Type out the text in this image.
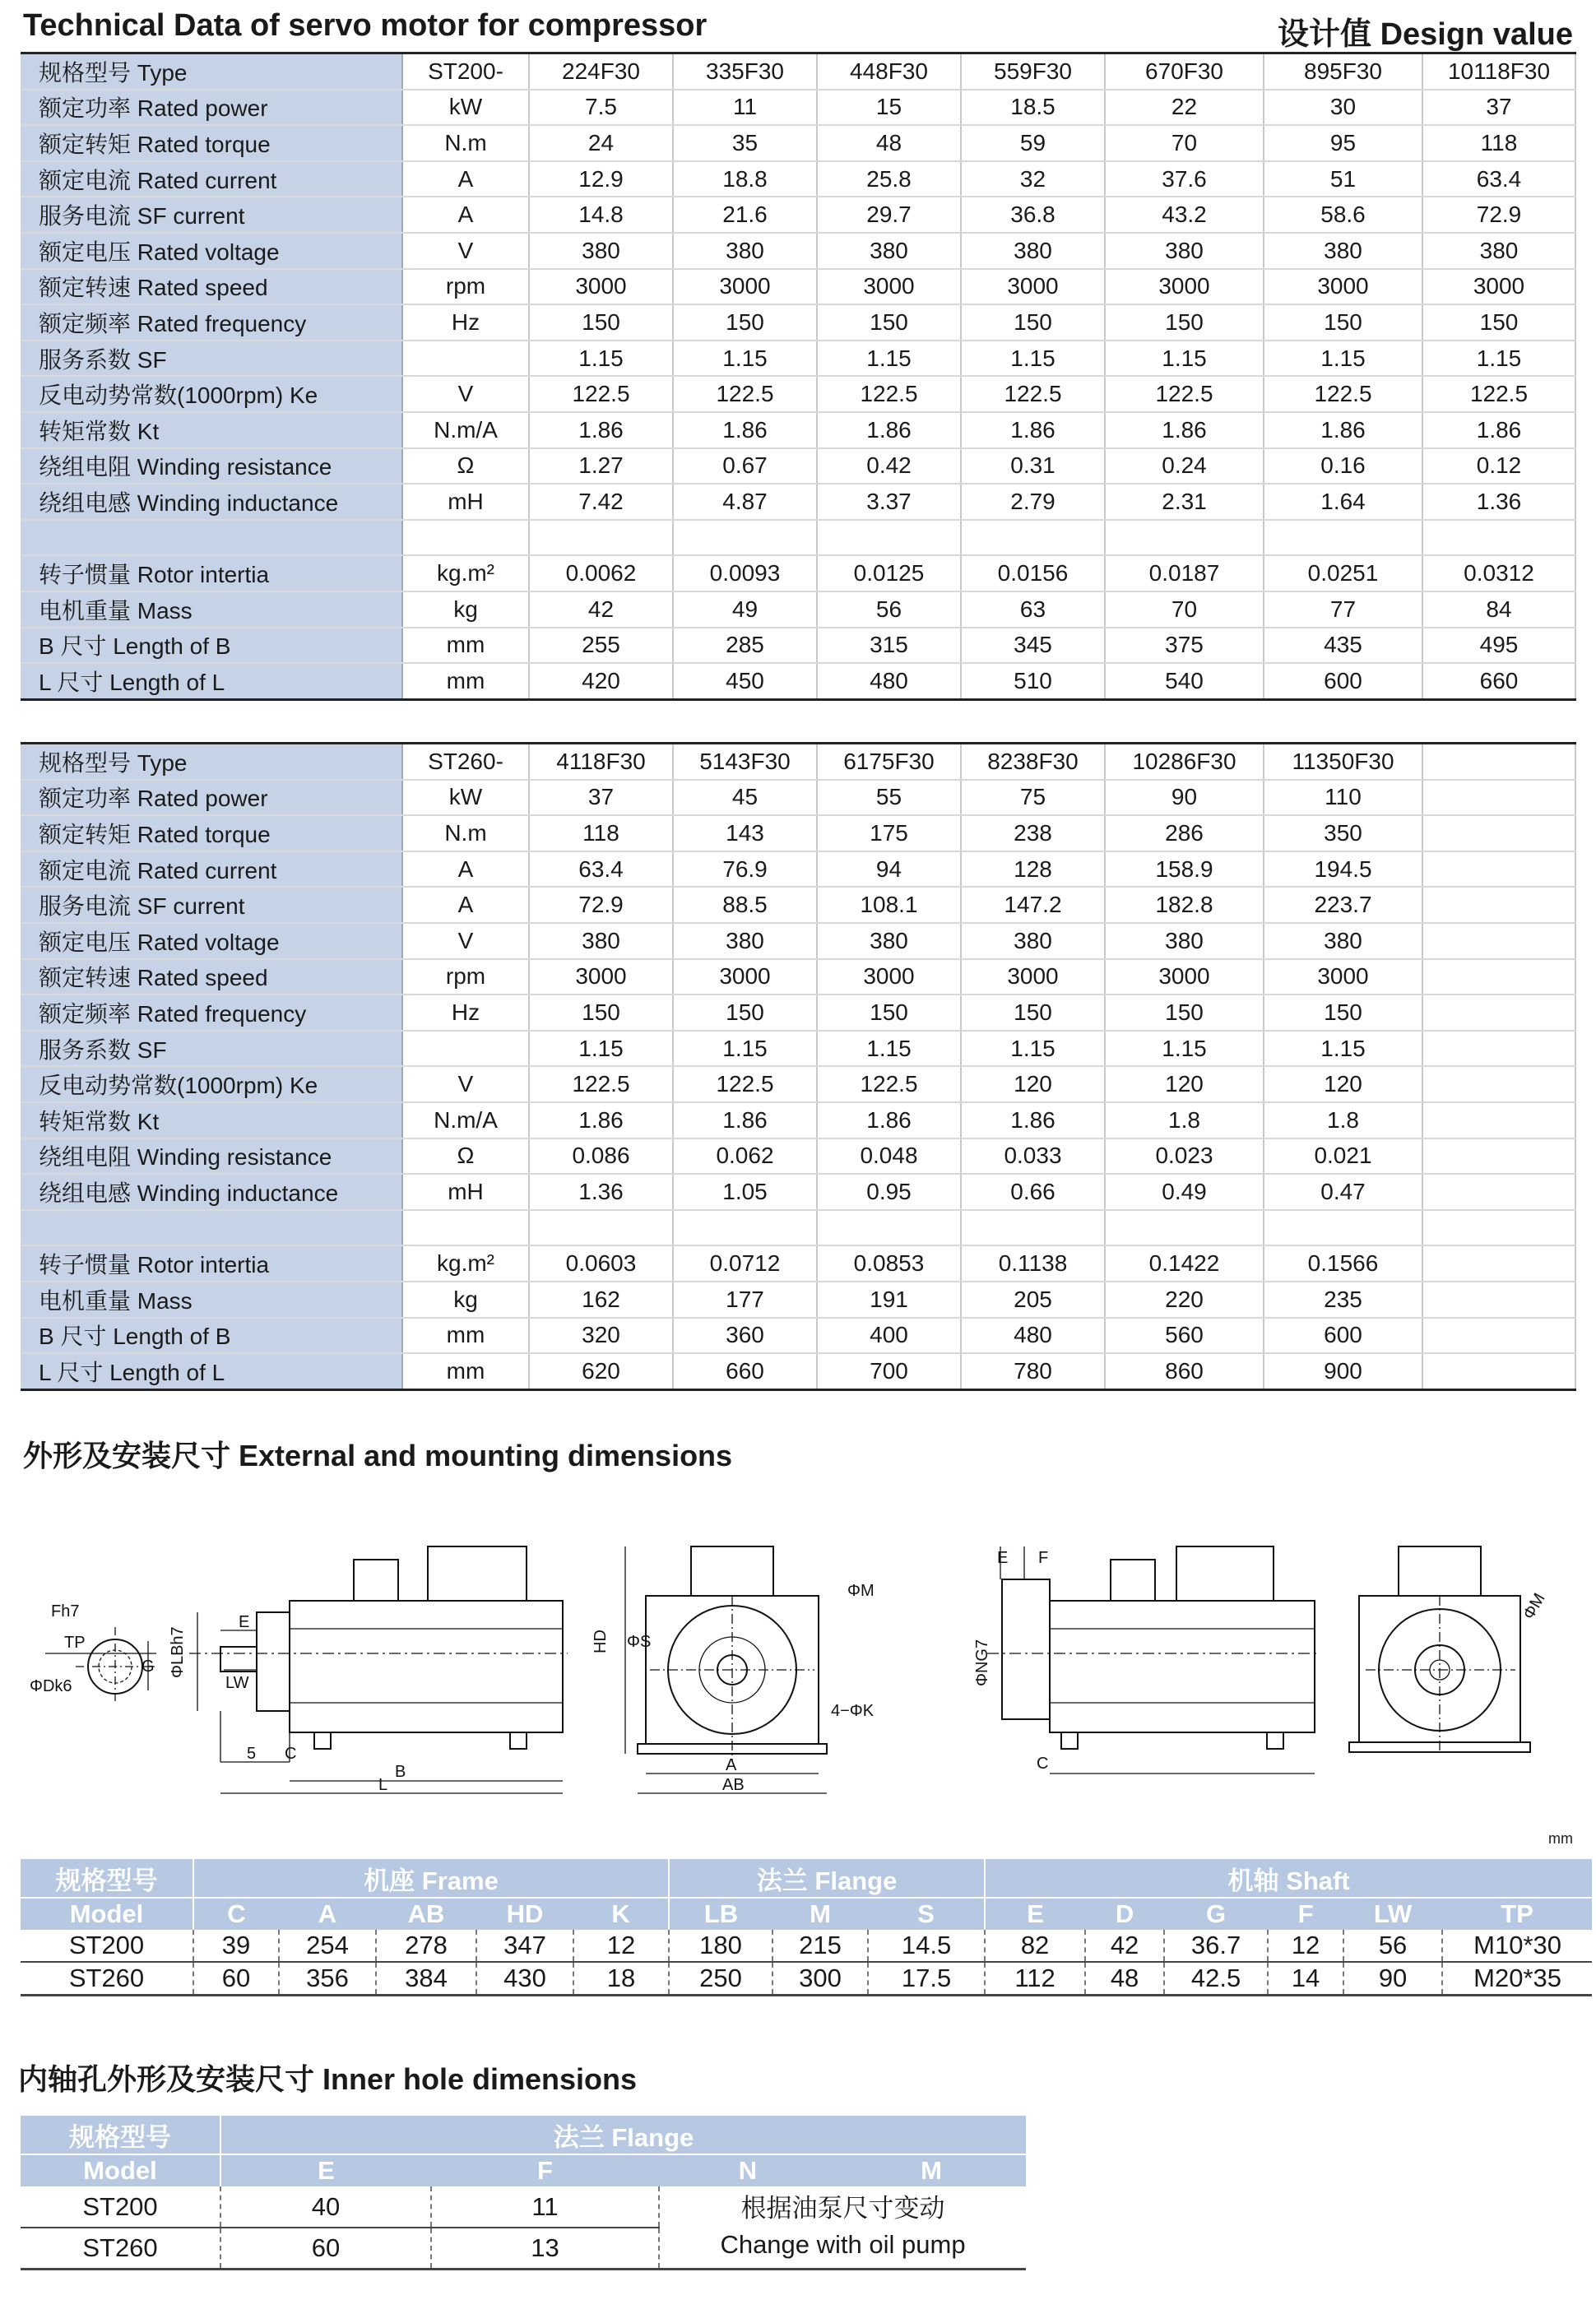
Technical Data of servo motor for compressor	设计值 Design value
规格型号 Type	ST200-	224F30	335F30	448F30	559F30	670F30	895F30	10118F30
额定功率 Rated power	kW	7.5	11	15	18.5	22	30	37
额定转矩 Rated torque	N.m	24	35	48	59	70	95	118
额定电流 Rated current	A	12.9	18.8	25.8	32	37.6	51	63.4
服务电流 SF current	A	14.8	21.6	29.7	36.8	43.2	58.6	72.9
额定电压 Rated voltage	V	380	380	380	380	380	380	380
额定转速 Rated speed	rpm	3000	3000	3000	3000	3000	3000	3000
额定频率 Rated frequency	Hz	150	150	150	150	150	150	150
服务系数 SF		1.15	1.15	1.15	1.15	1.15	1.15	1.15
反电动势常数(1000rpm) Ke	V	122.5	122.5	122.5	122.5	122.5	122.5	122.5
转矩常数 Kt	N.m/A	1.86	1.86	1.86	1.86	1.86	1.86	1.86
绕组电阻 Winding resistance	Ω	1.27	0.67	0.42	0.31	0.24	0.16	0.12
绕组电感 Winding inductance	mH	7.42	4.87	3.37	2.79	2.31	1.64	1.36

转子惯量 Rotor intertia	kg.m²	0.0062	0.0093	0.0125	0.0156	0.0187	0.0251	0.0312
电机重量 Mass	kg	42	49	56	63	70	77	84
B 尺寸 Length of B	mm	255	285	315	345	375	435	495
L 尺寸 Length of L	mm	420	450	480	510	540	600	660
规格型号 Type	ST260-	4118F30	5143F30	6175F30	8238F30	10286F30	11350F30	
额定功率 Rated power	kW	37	45	55	75	90	110	
额定转矩 Rated torque	N.m	118	143	175	238	286	350	
额定电流 Rated current	A	63.4	76.9	94	128	158.9	194.5	
服务电流 SF current	A	72.9	88.5	108.1	147.2	182.8	223.7	
额定电压 Rated voltage	V	380	380	380	380	380	380	
额定转速 Rated speed	rpm	3000	3000	3000	3000	3000	3000	
额定频率 Rated frequency	Hz	150	150	150	150	150	150	
服务系数 SF		1.15	1.15	1.15	1.15	1.15	1.15	
反电动势常数(1000rpm) Ke	V	122.5	122.5	122.5	120	120	120	
转矩常数 Kt	N.m/A	1.86	1.86	1.86	1.86	1.8	1.8	
绕组电阻 Winding resistance	Ω	0.086	0.062	0.048	0.033	0.023	0.021	
绕组电感 Winding inductance	mH	1.36	1.05	0.95	0.66	0.49	0.47	

转子惯量 Rotor intertia	kg.m²	0.0603	0.0712	0.0853	0.1138	0.1422	0.1566	
电机重量 Mass	kg	162	177	191	205	220	235	
B 尺寸 Length of B	mm	320	360	400	480	560	600	
L 尺寸 Length of L	mm	620	660	700	780	860	900	
外形及安装尺寸 External and mounting dimensions
Fh7
TP
G
ΦDk6
E
ΦLBh7
LW
5 C
B
L
ΦS
ΦM
HD
4−ΦK
A
AB
E F
ΦNG7
C
ΦM
mm
规格型号	机座 Frame					法兰 Flange			机轴 Shaft					
Model	C	A	AB	HD	K	LB	M	S	E	D	G	F	LW	TP
ST200	39	254	278	347	12	180	215	14.5	82	42	36.7	12	56	M10*30
ST260	60	356	384	430	18	250	300	17.5	112	48	42.5	14	90	M20*35
内轴孔外形及安装尺寸 Inner hole dimensions
规格型号	法兰 Flange			
Model	E	F	N	M
ST200	40	11	根据油泵尺寸变动
Change with oil pump	

ST260	60	13		
